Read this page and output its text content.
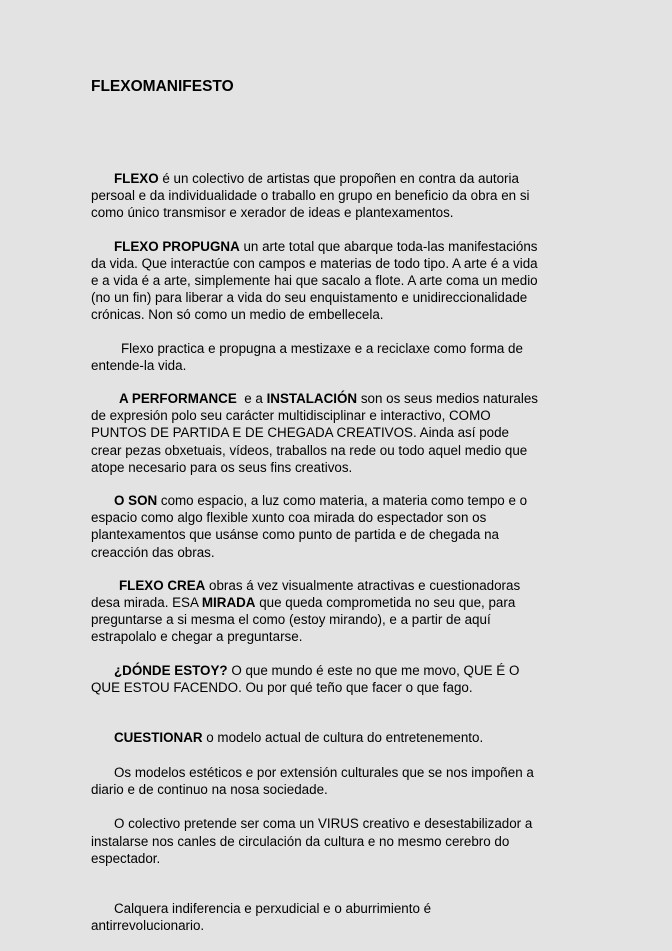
FLEXOMANIFESTO

FLEXO é un colectivo de artistas que propoñen en contra da autoria persoal e da individualidade o traballo en grupo en beneficio da obra en si como único transmisor e xerador de ideas e plantexamentos.

FLEXO PROPUGNA un arte total que abarque toda-las manifestacións da vida. Que interactúe con campos e materias de todo tipo. A arte é a vida e a vida é a arte, simplemente hai que sacalo a flote. A arte coma un medio (no un fin) para liberar a vida do seu enquistamento e unidireccionalidade crónicas. Non só como un medio de embellecela.

Flexo practica e propugna a mestizaxe e a reciclaxe como forma de entende-la vida.

A PERFORMANCE  e a INSTALACIÓN son os seus medios naturales de expresión polo seu carácter multidisciplinar e interactivo, COMO PUNTOS DE PARTIDA E DE CHEGADA CREATIVOS. Ainda así pode crear pezas obxetuais, vídeos, traballos na rede ou todo aquel medio que atope necesario para os seus fins creativos.

O SON como espacio, a luz como materia, a materia como tempo e o espacio como algo flexible xunto coa mirada do espectador son os plantexamentos que usánse como punto de partida e de chegada na creacción das obras.

FLEXO CREA obras á vez visualmente atractivas e cuestionadoras desa mirada. ESA MIRADA que queda comprometida no seu que, para preguntarse a si mesma el como (estoy mirando), e a partir de aquí estrapolalo e chegar a preguntarse.

¿DÓNDE ESTOY? O que mundo é este no que me movo, QUE É O QUE ESTOU FACENDO. Ou por qué teño que facer o que fago.

CUESTIONAR o modelo actual de cultura do entretenemento.

Os modelos estéticos e por extensión culturales que se nos impoñen a diario e de continuo na nosa sociedade.

O colectivo pretende ser coma un VIRUS creativo e desestabilizador a instalarse nos canles de circulación da cultura e no mesmo cerebro do espectador.

Calquera indiferencia e perxudicial e o aburrimiento é antirrevolucionario.
